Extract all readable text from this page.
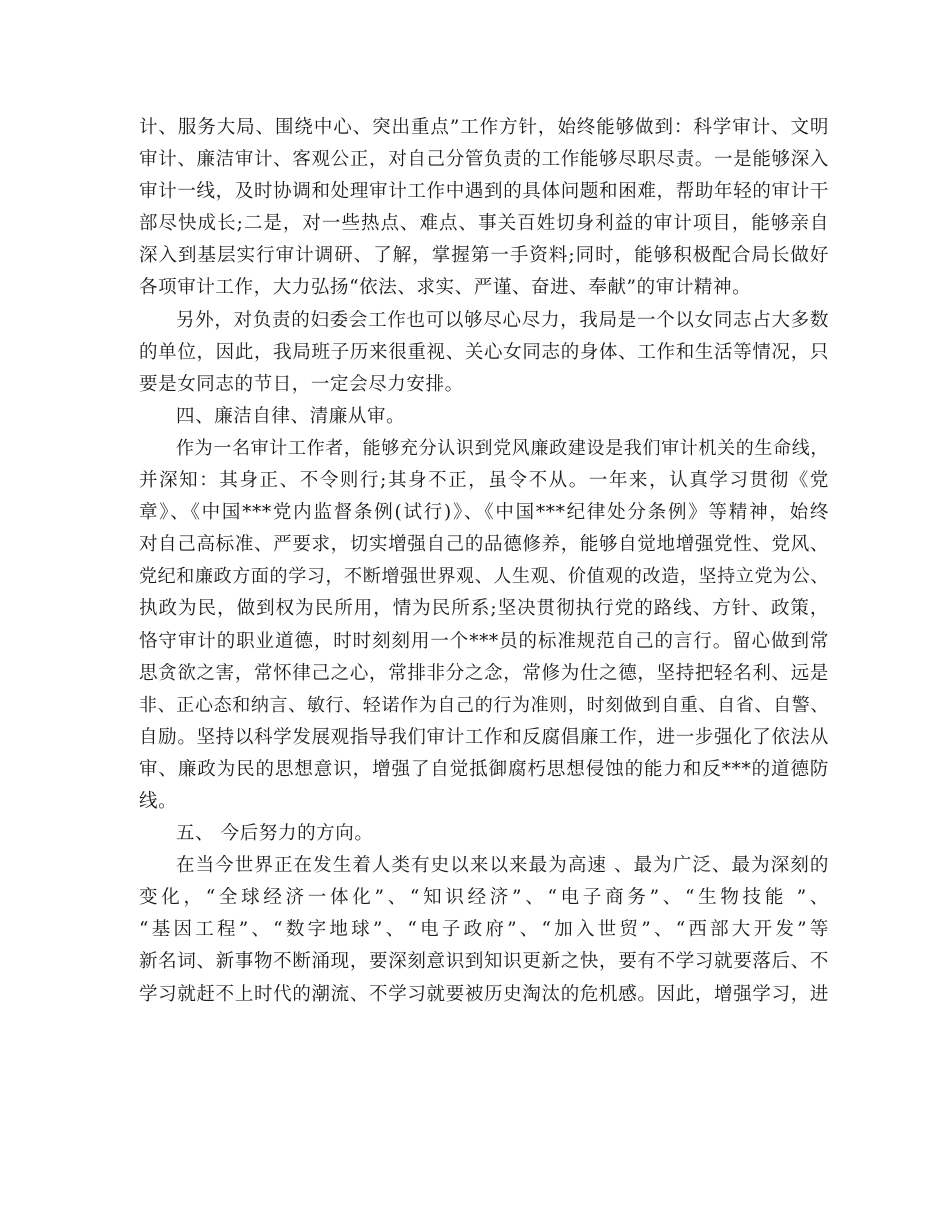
计、服务大局、围绕中心、突出重点”工作方针，始终能够做到：科学审计、文明
审计、廉洁审计、客观公正，对自己分管负责的工作能够尽职尽责。一是能够深入
审计一线，及时协调和处理审计工作中遇到的具体问题和困难，帮助年轻的审计干
部尽快成长;二是，对一些热点、难点、事关百姓切身利益的审计项目，能够亲自
深入到基层实行审计调研、了解，掌握第一手资料;同时，能够积极配合局长做好
各项审计工作，大力弘扬“依法、求实、严谨、奋进、奉献”的审计精神。
另外，对负责的妇委会工作也可以够尽心尽力，我局是一个以女同志占大多数
的单位，因此，我局班子历来很重视、关心女同志的身体、工作和生活等情况，只
要是女同志的节日，一定会尽力安排。
四、廉洁自律、清廉从审。
作为一名审计工作者，能够充分认识到党风廉政建设是我们审计机关的生命线，
并深知：其身正、不令则行;其身不正，虽令不从。一年来，认真学习贯彻《党
章》、《中国***党内监督条例(试行)》、《中国***纪律处分条例》等精神，始终
对自己高标准、严要求，切实增强自己的品德修养，能够自觉地增强党性、党风、
党纪和廉政方面的学习，不断增强世界观、人生观、价值观的改造，坚持立党为公、
执政为民，做到权为民所用，情为民所系;坚决贯彻执行党的路线、方针、政策，
恪守审计的职业道德，时时刻刻用一个***员的标准规范自己的言行。留心做到常
思贪欲之害，常怀律己之心，常排非分之念，常修为仕之德，坚持把轻名利、远是
非、正心态和纳言、敏行、轻诺作为自己的行为准则，时刻做到自重、自省、自警、
自励。坚持以科学发展观指导我们审计工作和反腐倡廉工作，进一步强化了依法从
审、廉政为民的思想意识，增强了自觉抵御腐朽思想侵蚀的能力和反***的道德防
线。
五、 今后努力的方向。
在当今世界正在发生着人类有史以来以来最为高速 、最为广泛、最为深刻的
变化，“全球经济一体化”、“知识经济”、“电子商务”、“生物技能 ”、
“基因工程”、“数字地球”、“电子政府”、“加入世贸”、“西部大开发”等
新名词、新事物不断涌现，要深刻意识到知识更新之快，要有不学习就要落后、不
学习就赶不上时代的潮流、不学习就要被历史淘汰的危机感。因此，增强学习，进
